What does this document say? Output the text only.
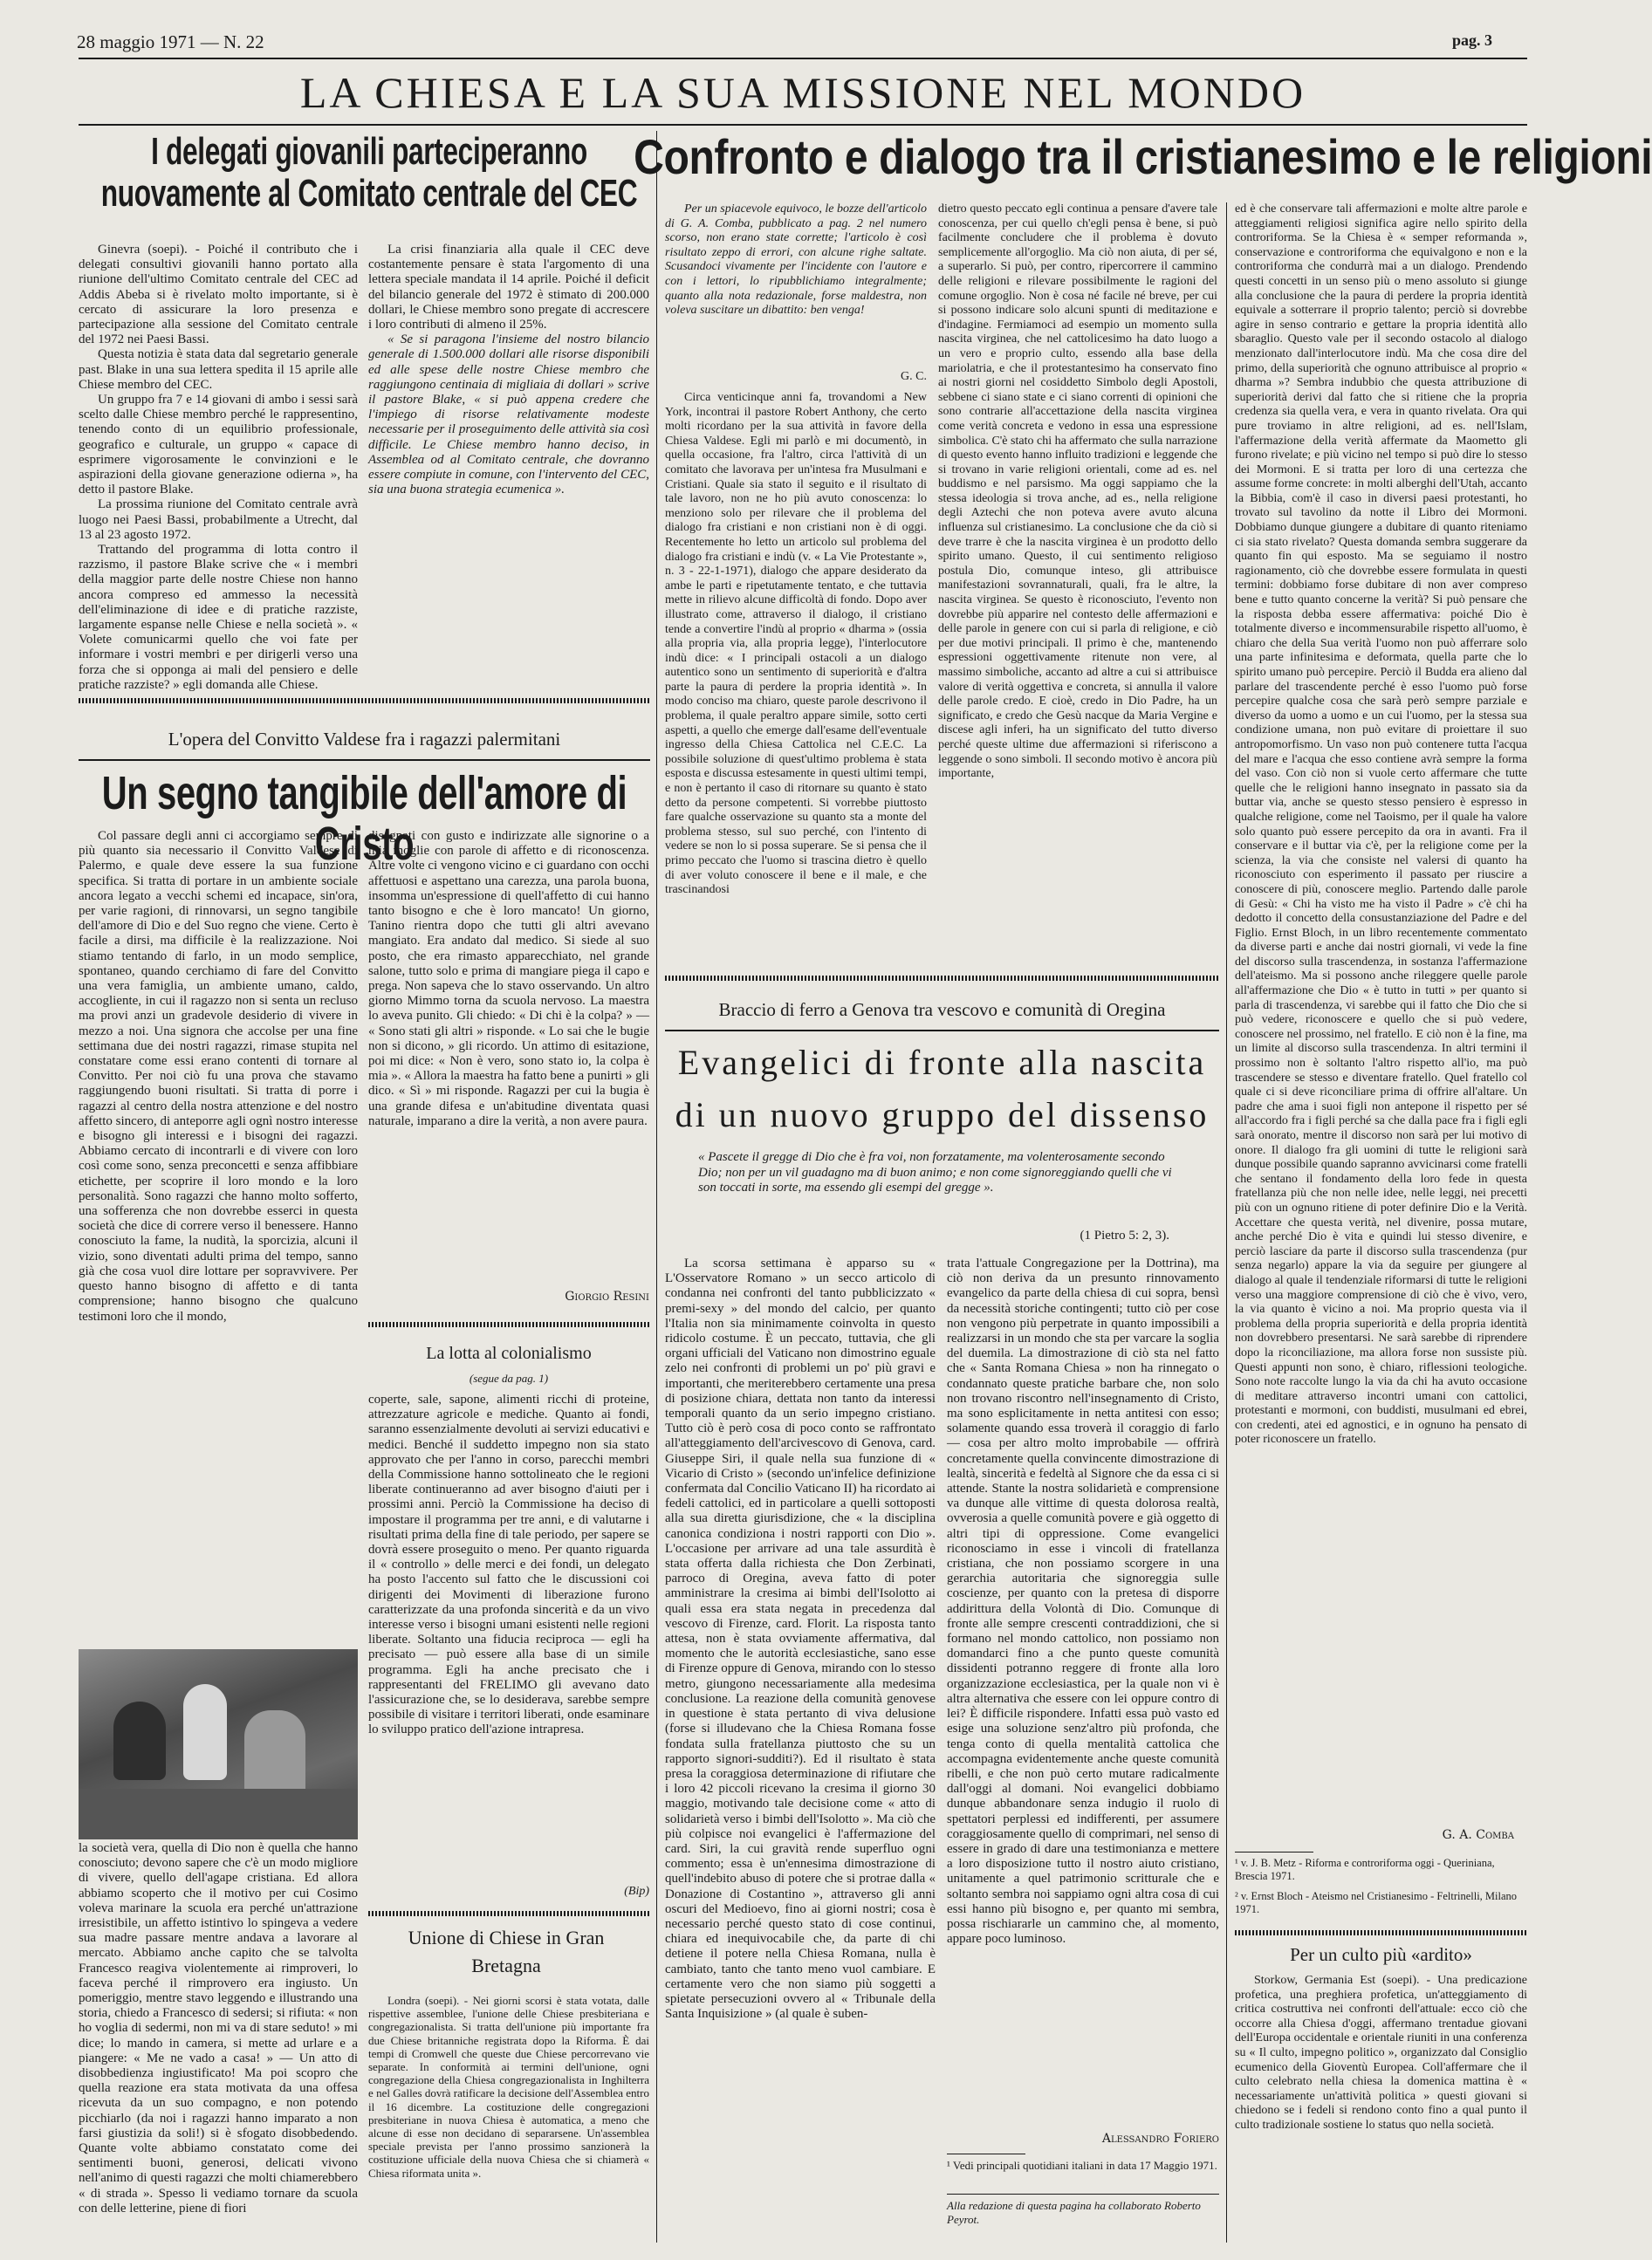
28 maggio 1971 — N. 22	pag. 3
LA CHIESA E LA SUA MISSIONE NEL MONDO
I delegati giovanili parteciperanno nuovamente al Comitato centrale del CEC

Ginevra (soepi). - Poiché il contributo che i delegati consultivi giovanili hanno portato alla riunione dell'ultimo Comitato centrale del CEC ad Addis Abeba si è rivelato molto importante, si è cercato di assicurare la loro presenza e partecipazione alla sessione del Comitato centrale del 1972 nei Paesi Bassi.

Questa notizia è stata data dal segretario generale past. Blake in una sua lettera spedita il 15 aprile alle Chiese membro del CEC.

Un gruppo fra 7 e 14 giovani di ambo i sessi sarà scelto dalle Chiese membro perché le rappresentino, tenendo conto di un equilibrio professionale, geografico e culturale, un gruppo « capace di esprimere vigorosamente le convinzioni e le aspirazioni della giovane generazione odierna », ha detto il pastore Blake.

La prossima riunione del Comitato centrale avrà luogo nei Paesi Bassi, probabilmente a Utrecht, dal 13 al 23 agosto 1972.

Trattando del programma di lotta contro il razzismo, il pastore Blake scrive che « i membri della maggior parte delle nostre Chiese non hanno ancora compreso ed ammesso la necessità dell'eliminazione di idee e di pratiche razziste, largamente espanse nelle Chiese e nella società ». « Volete comunicarmi quello che voi fate per informare i vostri membri e per dirigerli verso una forza che si opponga ai mali del pensiero e delle pratiche razziste? » egli domanda alle Chiese.

La crisi finanziaria alla quale il CEC deve costantemente pensare è stata l'argomento di una lettera speciale mandata il 14 aprile. Poiché il deficit del bilancio generale del 1972 è stimato di 200.000 dollari, le Chiese membro sono pregate di accrescere i loro contributi di almeno il 25%.

« Se si paragona l'insieme del nostro bilancio generale di 1.500.000 dollari alle risorse disponibili ed alle spese delle nostre Chiese membro che raggiungono centinaia di migliaia di dollari » scrive il pastore Blake, « si può appena credere che l'impiego di risorse relativamente modeste necessarie per il proseguimento delle attività sia così difficile. Le Chiese membro hanno deciso, in Assemblea od al Comitato centrale, che dovranno essere compiute in comune, con l'intervento del CEC, sia una buona strategia ecumenica ».

L'opera del Convitto Valdese fra i ragazzi palermitani
Un segno tangibile dell'amore di Cristo

Col passare degli anni ci accorgiamo sempre di più quanto sia necessario il Convitto Valdese di Palermo, e quale deve essere la sua funzione specifica. Si tratta di portare in un ambiente sociale ancora legato a vecchi schemi ed incapace, sin'ora, per varie ragioni, di rinnovarsi, un segno tangibile dell'amore di Dio e del Suo regno che viene. Certo è facile a dirsi, ma difficile è la realizzazione. Noi stiamo tentando di farlo, in un modo semplice, spontaneo, quando cerchiamo di fare del Convitto una vera famiglia, un ambiente umano, caldo, accogliente, in cui il ragazzo non si senta un recluso ma provi anzi un gradevole desiderio di vivere in mezzo a noi. Una signora che accolse per una fine settimana due dei nostri ragazzi, rimase stupita nel constatare come essi erano contenti di tornare al Convitto. Per noi ciò fu una prova che stavamo raggiungendo buoni risultati. Si tratta di porre i ragazzi al centro della nostra attenzione e del nostro affetto sincero, di anteporre agli ognì nostro interesse e bisogno gli interessi e i bisogni dei ragazzi. Abbiamo cercato di incontrarli e di vivere con loro così come sono, senza preconcetti e senza affibbiare etichette, per scoprire il loro mondo e la loro personalità. Sono ragazzi che hanno molto sofferto, una sofferenza che non dovrebbe esserci in questa società che dice di correre verso il benessere. Hanno conosciuto la fame, la nudità, la sporcizia, alcuni il vizio, sono diventati adulti prima del tempo, sanno già che cosa vuol dire lottare per sopravvivere. Per questo hanno bisogno di affetto e di tanta comprensione; hanno bisogno che qualcuno testimoni loro che il mondo,

la società vera, quella di Dio non è quella che hanno conosciuto; devono sapere che c'è un modo migliore di vivere, quello dell'agape cristiana. Ed allora abbiamo scoperto che il motivo per cui Cosimo voleva marinare la scuola era perché un'attrazione irresistibile, un affetto istintivo lo spingeva a vedere sua madre passare mentre andava a lavorare al mercato. Abbiamo anche capito che se talvolta Francesco reagiva violentemente ai rimproveri, lo faceva perché il rimprovero era ingiusto. Un pomeriggio, mentre stavo leggendo e illustrando una storia, chiedo a Francesco di sedersi; si rifiuta: « non ho voglia di sedermi, non mi va di stare seduto! » mi dice; lo mando in camera, si mette ad urlare e a piangere: « Me ne vado a casa! » — Un atto di disobbedienza ingiustificato! Ma poi scopro che quella reazione era stata motivata da una offesa ricevuta da un suo compagno, e non potendo picchiarlo (da noi i ragazzi hanno imparato a non farsi giustizia da soli!) si è sfogato disobbedendo. Quante volte abbiamo constatato come dei sentimenti buoni, generosi, delicati vivono nell'animo di questi ragazzi che molti chiamerebbero « di strada ». Spesso li vediamo tornare da scuola con delle letterine, piene di fiori

disegnati con gusto e indirizzate alle signorine o a mia moglie con parole di affetto e di riconoscenza. Altre volte ci vengono vicino e ci guardano con occhi affettuosi e aspettano una carezza, una parola buona, insomma un'espressione di quell'affetto di cui hanno tanto bisogno e che è loro mancato! Un giorno, Tanino rientra dopo che tutti gli altri avevano mangiato. Era andato dal medico. Si siede al suo posto, che era rimasto apparecchiato, nel grande salone, tutto solo e prima di mangiare piega il capo e prega. Non sapeva che lo stavo osservando. Un altro giorno Mimmo torna da scuola nervoso. La maestra lo aveva punito. Gli chiedo: « Di chi è la colpa? » — « Sono stati gli altri » risponde. « Lo sai che le bugie non si dicono, » gli ricordo. Un attimo di esitazione, poi mi dice: « Non è vero, sono stato io, la colpa è mia ». « Allora la maestra ha fatto bene a punirti » gli dico. « Sì » mi risponde. Ragazzi per cui la bugia è una grande difesa e un'abitudine diventata quasi naturale, imparano a dire la verità, a non avere paura.

Giorgio Resini
La lotta al colonialismo
(segue da pag. 1)

coperte, sale, sapone, alimenti ricchi di proteine, attrezzature agricole e mediche. Quanto ai fondi, saranno essenzialmente devoluti ai servizi educativi e medici. Benché il suddetto impegno non sia stato approvato che per l'anno in corso, parecchi membri della Commissione hanno sottolineato che le regioni liberate continueranno ad aver bisogno d'aiuti per i prossimi anni. Perciò la Commissione ha deciso di impostare il programma per tre anni, e di valutarne i risultati prima della fine di tale periodo, per sapere se dovrà essere proseguito o meno. Per quanto riguarda il « controllo » delle merci e dei fondi, un delegato ha posto l'accento sul fatto che le discussioni coi dirigenti dei Movimenti di liberazione furono caratterizzate da una profonda sincerità e da un vivo interesse verso i bisogni umani esistenti nelle regioni liberate. Soltanto una fiducia reciproca — egli ha precisato — può essere alla base di un simile programma. Egli ha anche precisato che i rappresentanti del FRELIMO gli avevano dato l'assicurazione che, se lo desiderava, sarebbe sempre possibile di visitare i territori liberati, onde esaminare lo sviluppo pratico dell'azione intrapresa.

(Bip)
Unione di Chiese in Gran Bretagna

Londra (soepi). - Nei giorni scorsi è stata votata, dalle rispettive assemblee, l'unione delle Chiese presbiteriana e congregazionalista. Si tratta dell'unione più importante fra due Chiese britanniche registrata dopo la Riforma. È dai tempi di Cromwell che queste due Chiese percorrevano vie separate. In conformità ai termini dell'unione, ogni congregazione della Chiesa congregazionalista in Inghilterra e nel Galles dovrà ratificare la decisione dell'Assemblea entro il 16 dicembre. La costituzione delle congregazioni presbiteriane in nuova Chiesa è automatica, a meno che alcune di esse non decidano di separarsene. Un'assemblea speciale prevista per l'anno prossimo sanzionerà la costituzione ufficiale della nuova Chiesa che si chiamerà « Chiesa riformata unita ».

Confronto e dialogo tra il cristianesimo e le religioni

Per un spiacevole equivoco, le bozze dell'articolo di G. A. Comba, pubblicato a pag. 2 nel numero scorso, non erano state corrette; l'articolo è così risultato zeppo di errori, con alcune righe saltate. Scusandoci vivamente per l'incidente con l'autore e con i lettori, lo ripubblichiamo integralmente; quanto alla nota redazionale, forse maldestra, non voleva suscitare un dibattito: ben venga!

G. C.

Circa venticinque anni fa, trovandomi a New York, incontrai il pastore Robert Anthony, che certo molti ricordano per la sua attività in favore della Chiesa Valdese. Egli mi parlò e mi documentò, in quella occasione, fra l'altro, circa l'attività di un comitato che lavorava per un'intesa fra Musulmani e Cristiani. Quale sia stato il seguito e il risultato di tale lavoro, non ne ho più avuto conoscenza: lo menziono solo per rilevare che il problema del dialogo fra cristiani e non cristiani non è di oggi. Recentemente ho letto un articolo sul problema del dialogo fra cristiani e indù (v. « La Vie Protestante », n. 3 - 22-1-1971), dialogo che appare desiderato da ambe le parti e ripetutamente tentato, e che tuttavia mette in rilievo alcune difficoltà di fondo. Dopo aver illustrato come, attraverso il dialogo, il cristiano tende a convertire l'indù al proprio « dharma » (ossia alla propria via, alla propria legge), l'interlocutore indù dice: « I principali ostacoli a un dialogo autentico sono un sentimento di superiorità e d'altra parte la paura di perdere la propria identità ». In modo conciso ma chiaro, queste parole descrivono il problema, il quale peraltro appare simile, sotto certi aspetti, a quello che emerge dall'esame dell'eventuale ingresso della Chiesa Cattolica nel C.E.C. La possibile soluzione di quest'ultimo problema è stata esposta e discussa estesamente in questi ultimi tempi, e non è pertanto il caso di ritornare su quanto è stato detto da persone competenti. Si vorrebbe piuttosto fare qualche osservazione su quanto sta a monte del problema stesso, sul suo perché, con l'intento di vedere se non lo si possa superare. Se si pensa che il primo peccato che l'uomo si trascina dietro è quello di aver voluto conoscere il bene e il male, e che trascinandosi

dietro questo peccato egli continua a pensare d'avere tale conoscenza, per cui quello ch'egli pensa è bene, si può facilmente concludere che il problema è dovuto semplicemente all'orgoglio. Ma ciò non aiuta, di per sé, a superarlo. Si può, per contro, ripercorrere il cammino delle religioni e rilevare possibilmente le ragioni del comune orgoglio. Non è cosa né facile né breve, per cui si possono indicare solo alcuni spunti di meditazione e d'indagine. Fermiamoci ad esempio un momento sulla nascita virginea, che nel cattolicesimo ha dato luogo a un vero e proprio culto, essendo alla base della mariolatria, e che il protestantesimo ha conservato fino ai nostri giorni nel cosiddetto Simbolo degli Apostoli, sebbene ci siano state e ci siano correnti di opinioni che sono contrarie all'accettazione della nascita virginea come verità concreta e vedono in essa una espressione simbolica. C'è stato chi ha affermato che sulla narrazione di questo evento hanno influito tradizioni e leggende che si trovano in varie religioni orientali, come ad es. nel buddismo e nel parsismo. Ma oggi sappiamo che la stessa ideologia si trova anche, ad es., nella religione degli Aztechi che non poteva avere avuto alcuna influenza sul cristianesimo. La conclusione che da ciò si deve trarre è che la nascita virginea è un prodotto dello spirito umano. Questo, il cui sentimento religioso postula Dio, comunque inteso, gli attribuisce manifestazioni sovrannaturali, quali, fra le altre, la nascita virginea. Se questo è riconosciuto, l'evento non dovrebbe più apparire nel contesto delle affermazioni e delle parole in genere con cui si parla di religione, e ciò per due motivi principali. Il primo è che, mantenendo espressioni oggettivamente ritenute non vere, al massimo simboliche, accanto ad altre a cui si attribuisce valore di verità oggettiva e concreta, si annulla il valore delle parole credo. E cioè, credo in Dio Padre, ha un significato, e credo che Gesù nacque da Maria Vergine e discese agli inferi, ha un significato del tutto diverso perché queste ultime due affermazioni si riferiscono a leggende o sono simboli. Il secondo motivo è ancora più importante,

ed è che conservare tali affermazioni e molte altre parole e atteggiamenti religiosi significa agire nello spirito della controriforma. Se la Chiesa è « semper reformanda », conservazione e controriforma che equivalgono e non e la controriforma che condurrà mai a un dialogo. Prendendo questi concetti in un senso più o meno assoluto si giunge alla conclusione che la paura di perdere la propria identità equivale a sotterrare il proprio talento; perciò si dovrebbe agire in senso contrario e gettare la propria identità allo sbaraglio. Questo vale per il secondo ostacolo al dialogo menzionato dall'interlocutore indù. Ma che cosa dire del primo, della superiorità che ognuno attribuisce al proprio « dharma »? Sembra indubbio che questa attribuzione di superiorità derivi dal fatto che si ritiene che la propria credenza sia quella vera, e vera in quanto rivelata. Ora qui pure troviamo in altre religioni, ad es. nell'Islam, l'affermazione della verità affermate da Maometto gli furono rivelate; e più vicino nel tempo si può dire lo stesso dei Mormoni. E si tratta per loro di una certezza che assume forme concrete: in molti alberghi dell'Utah, accanto la Bibbia, com'è il caso in diversi paesi protestanti, ho trovato sul tavolino da notte il Libro dei Mormoni. Dobbiamo dunque giungere a dubitare di quanto riteniamo ci sia stato rivelato? Questa domanda sembra suggerare da quanto fin qui esposto. Ma se seguiamo il nostro ragionamento, ciò che dovrebbe essere formulata in questi termini: dobbiamo forse dubitare di non aver compreso bene e tutto quanto concerne la verità? Si può pensare che la risposta debba essere affermativa: poiché Dio è totalmente diverso e incommensurabile rispetto all'uomo, è chiaro che della Sua verità l'uomo non può afferrare solo una parte infinitesima e deformata, quella parte che lo spirito umano può percepire. Perciò il Budda era alieno dal parlare del trascendente perché è esso l'uomo può forse percepire qualche cosa che sarà però sempre parziale e diverso da uomo a uomo e un cui l'uomo, per la stessa sua condizione umana, non può evitare di proiettare il suo antropomorfismo. Un vaso non può contenere tutta l'acqua del mare e l'acqua che esso contiene avrà sempre la forma del vaso. Con ciò non si vuole certo affermare che tutte quelle che le religioni hanno insegnato in passato sia da buttar via, anche se questo stesso pensiero è espresso in qualche religione, come nel Taoismo, per il quale ha valore solo quanto può essere percepito da ora in avanti. Fra il conservare e il buttar via c'è, per la religione come per la scienza, la via che consiste nel valersi di quanto ha riconosciuto con esperimento il passato per riuscire a conoscere di più, conoscere meglio. Partendo dalle parole di Gesù: « Chi ha visto me ha visto il Padre » c'è chi ha dedotto il concetto della consustanziazione del Padre e del Figlio. Ernst Bloch, in un libro recentemente commentato da diverse parti e anche dai nostri giornali, vi vede la fine del discorso sulla trascendenza, in sostanza l'affermazione dell'ateismo. Ma si possono anche rileggere quelle parole all'affermazione che Dio « è tutto in tutti » per quanto si parla di trascendenza, vi sarebbe qui il fatto che Dio che si può vedere, riconoscere e quello che si può vedere, conoscere nel prossimo, nel fratello. E ciò non è la fine, ma un limite al discorso sulla trascendenza. In altri termini il prossimo non è soltanto l'altro rispetto all'io, ma può trascendere se stesso e diventare fratello. Quel fratello col quale ci si deve riconciliare prima di offrire all'altare. Un padre che ama i suoi figli non antepone il rispetto per sé all'accordo fra i figli perché sa che dalla pace fra i figli egli sarà onorato, mentre il discorso non sarà per lui motivo di onore. Il dialogo fra gli uomini di tutte le religioni sarà dunque possibile quando sapranno avvicinarsi come fratelli che sentano il fondamento della loro fede in questa fratellanza più che non nelle idee, nelle leggi, nei precetti più con un ognuno ritiene di poter definire Dio e la Verità. Accettare che questa verità, nel divenire, possa mutare, anche perché Dio è vita e quindi lui stesso divenire, e perciò lasciare da parte il discorso sulla trascendenza (pur senza negarlo) appare la via da seguire per giungere al dialogo al quale il tendenziale riformarsi di tutte le religioni verso una maggiore comprensione di ciò che è vivo, vero, la via quanto è vicino a noi. Ma proprio questa via il problema della propria superiorità e della propria identità non dovrebbero presentarsi. Ne sarà sarebbe di riprendere dopo la riconciliazione, ma allora forse non sussiste più. Questi appunti non sono, è chiaro, riflessioni teologiche. Sono note raccolte lungo la via da chi ha avuto occasione di meditare attraverso incontri umani con cattolici, protestanti e mormoni, con buddisti, musulmani ed ebrei, con credenti, atei ed agnostici, e in ognuno ha pensato di poter riconoscere un fratello.

G. A. Comba
¹ v. J. B. Metz - Riforma e controriforma oggi - Queriniana, Brescia 1971.
² v. Ernst Bloch - Ateismo nel Cristianesimo - Feltrinelli, Milano 1971.
Braccio di ferro a Genova tra vescovo e comunità di Oregina
Evangelici di fronte alla nascita
di un nuovo gruppo del dissenso
« Pascete il gregge di Dio che è fra voi, non forzatamente, ma volenterosamente secondo Dio; non per un vil guadagno ma di buon animo; e non come signoreggiando quelli che vi son toccati in sorte, ma essendo gli esempi del gregge ».
(1 Pietro 5: 2, 3).

La scorsa settimana è apparso su « L'Osservatore Romano » un secco articolo di condanna nei confronti del tanto pubblicizzato « premi-sexy » del mondo del calcio, per quanto l'Italia non sia minimamente coinvolta in questo ridicolo costume. È un peccato, tuttavia, che gli organi ufficiali del Vaticano non dimostrino eguale zelo nei confronti di problemi un po' più gravi e importanti, che meriterebbero certamente una presa di posizione chiara, dettata non tanto da interessi temporali quanto da un serio impegno cristiano. Tutto ciò è però cosa di poco conto se raffrontato all'atteggiamento dell'arcivescovo di Genova, card. Giuseppe Siri, il quale nella sua funzione di « Vicario di Cristo » (secondo un'infelice definizione confermata dal Concilio Vaticano II) ha ricordato ai fedeli cattolici, ed in particolare a quelli sottoposti alla sua diretta giurisdizione, che « la disciplina canonica condiziona i nostri rapporti con Dio ». L'occasione per arrivare ad una tale assurdità è stata offerta dalla richiesta che Don Zerbinati, parroco di Oregina, aveva fatto di poter amministrare la cresima ai bimbi dell'Isolotto ai quali essa era stata negata in precedenza dal vescovo di Firenze, card. Florit. La risposta tanto attesa, non è stata ovviamente affermativa, dal momento che le autorità ecclesiastiche, sano esse di Firenze oppure di Genova, mirando con lo stesso metro, giungono necessariamente alla medesima conclusione. La reazione della comunità genovese in questione è stata pertanto di viva delusione (forse si illudevano che la Chiesa Romana fosse fondata sulla fratellanza piuttosto che su un rapporto signori-sudditi?). Ed il risultato è stata presa la coraggiosa determinazione di rifiutare che i loro 42 piccoli ricevano la cresima il giorno 30 maggio, motivando tale decisione come « atto di solidarietà verso i bimbi dell'Isolotto ». Ma ciò che più colpisce noi evangelici è l'affermazione del card. Siri, la cui gravità rende superfluo ogni commento; essa è un'ennesima dimostrazione di quell'indebito abuso di potere che si protrae dalla « Donazione di Costantino », attraverso gli anni oscuri del Medioevo, fino ai giorni nostri; cosa è necessario perché questo stato di cose continui, chiara ed inequivocabile che, da parte di chi detiene il potere nella Chiesa Romana, nulla è cambiato, tanto che tanto meno vuol cambiare. E certamente vero che non siamo più soggetti a spietate persecuzioni ovvero al « Tribunale della Santa Inquisizione » (al quale è suben-

trata l'attuale Congregazione per la Dottrina), ma ciò non deriva da un presunto rinnovamento evangelico da parte della chiesa di cui sopra, bensì da necessità storiche contingenti; tutto ciò per cose non vengono più perpetrate in quanto impossibili a realizzarsi in un mondo che sta per varcare la soglia del duemila. La dimostrazione di ciò sta nel fatto che « Santa Romana Chiesa » non ha rinnegato o condannato queste pratiche barbare che, non solo non trovano riscontro nell'insegnamento di Cristo, ma sono esplicitamente in netta antitesi con esso; solamente quando essa troverà il coraggio di farlo — cosa per altro molto improbabile — offrirà concretamente quella convincente dimostrazione di lealtà, sincerità e fedeltà al Signore che da essa ci si attende. Stante la nostra solidarietà e comprensione va dunque alle vittime di questa dolorosa realtà, ovverosia a quelle comunità povere e già oggetto di altri tipi di oppressione. Come evangelici riconosciamo in esse i vincoli di fratellanza cristiana, che non possiamo scorgere in una gerarchia autoritaria che signoreggia sulle coscienze, per quanto con la pretesa di disporre addirittura della Volontà di Dio. Comunque di fronte alle sempre crescenti contraddizioni, che si formano nel mondo cattolico, non possiamo non domandarci fino a che punto queste comunità dissidenti potranno reggere di fronte alla loro organizzazione ecclesiastica, per la quale non vi è altra alternativa che essere con lei oppure contro di lei? È difficile rispondere. Infatti essa può vasto ed esige una soluzione senz'altro più profonda, che tenga conto di quella mentalità cattolica che accompagna evidentemente anche queste comunità ribelli, e che non può certo mutare radicalmente dall'oggi al domani. Noi evangelici dobbiamo dunque abbandonare senza indugio il ruolo di spettatori perplessi ed indifferenti, per assumere coraggiosamente quello di comprimari, nel senso di essere in grado di dare una testimonianza e mettere a loro disposizione tutto il nostro aiuto cristiano, unitamente a quel patrimonio scritturale che e soltanto sembra noi sappiamo ogni altra cosa di cui essi hanno più bisogno e, per quanto mi sembra, possa rischiararle un cammino che, al momento, appare poco luminoso.

Alessandro Foriero
¹ Vedi principali quotidiani italiani in data 17 Maggio 1971.
Alla redazione di questa pagina ha collaborato Roberto Peyrot.
Per un culto più «ardito»

Storkow, Germania Est (soepi). - Una predicazione profetica, una preghiera profetica, un'atteggiamento di critica costruttiva nei confronti dell'attuale: ecco ciò che occorre alla Chiesa d'oggi, affermano trentadue giovani dell'Europa occidentale e orientale riuniti in una conferenza su « Il culto, impegno politico », organizzato dal Consiglio ecumenico della Gioventù Europea. Coll'affermare che il culto celebrato nella chiesa la domenica mattina è « necessariamente un'attività politica » questi giovani si chiedono se i fedeli si rendono conto fino a qual punto il culto tradizionale sostiene lo status quo nella società.
